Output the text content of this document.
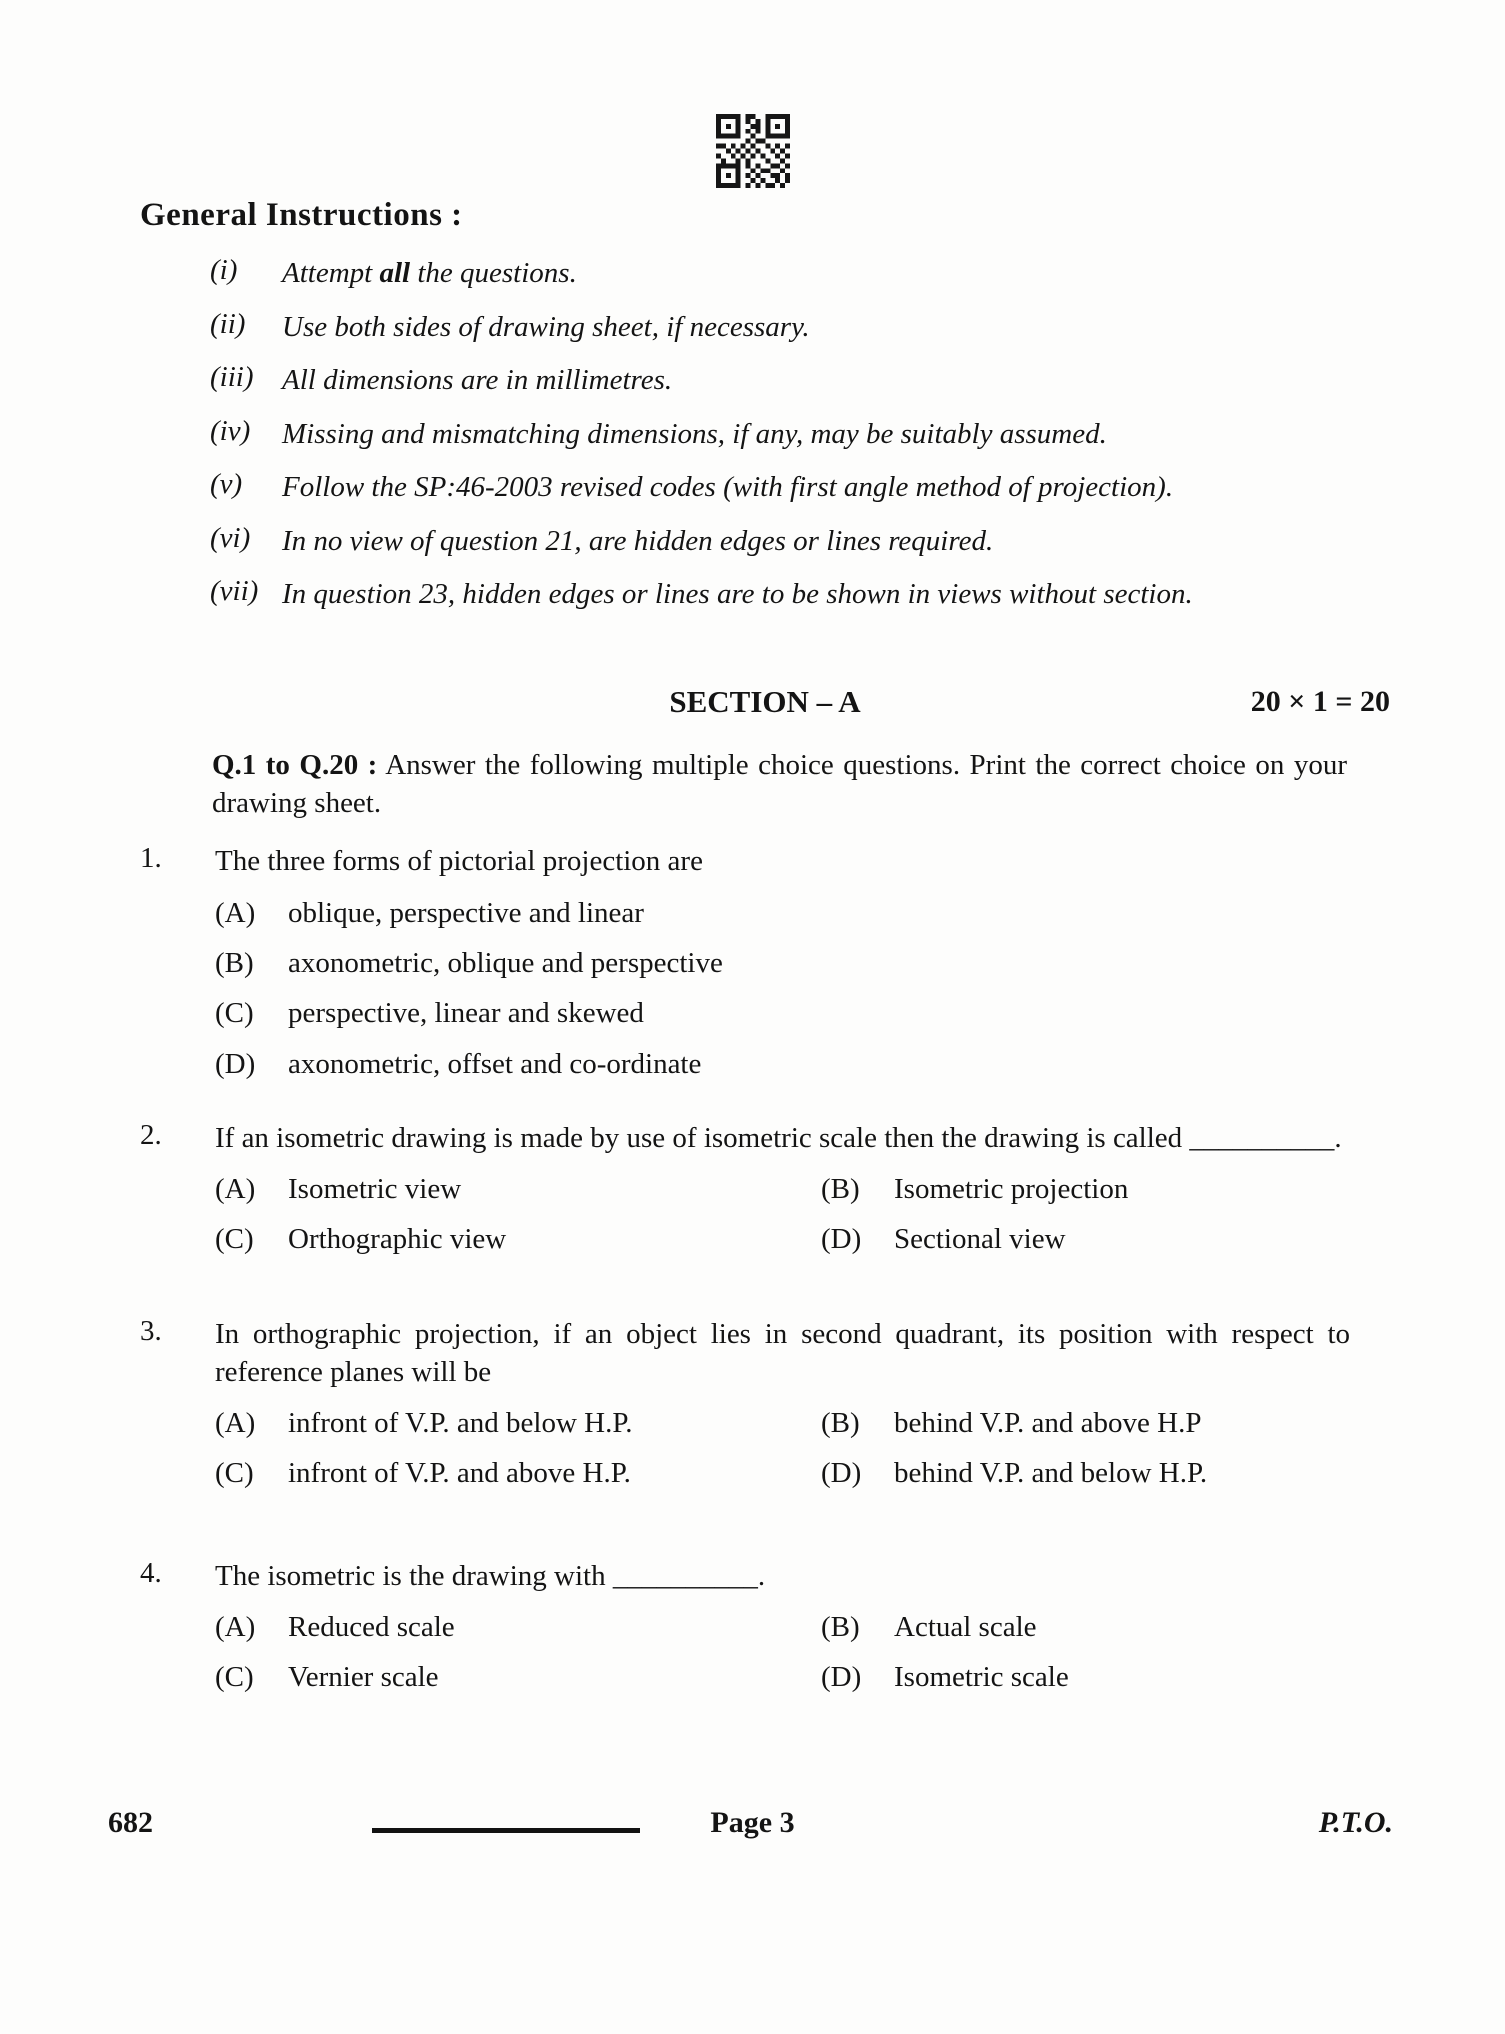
General Instructions :
(i)	Attempt all the questions.
(ii)	Use both sides of drawing sheet, if necessary.
(iii) All dimensions are in millimetres.
(iv)	Missing and mismatching dimensions, if any, may be suitably assumed.
(v)	Follow the SP:46-2003 revised codes (with first angle method of projection).
(vi)	In no view of question 21, are hidden edges or lines required.
(vii) In question 23, hidden edges or lines are to be shown in views without section.
SECTION – A	20 × 1 = 20

Q.1 to Q.20 : Answer the following multiple choice questions. Print the correct choice on your drawing sheet.

1.	The three forms of pictorial projection are
(A)	oblique, perspective and linear
(B)	axonometric, oblique and perspective
(C)	perspective, linear and skewed
(D)	axonometric, offset and co-ordinate
2.	If an isometric drawing is made by use of isometric scale then the drawing is called __________.
(A)	Isometric view	(B)	Isometric projection
(C)	Orthographic view	(D)	Sectional view
3.	In orthographic projection, if an object lies in second quadrant, its position with respect to reference planes will be
(A)	infront of V.P. and below H.P.	(B)	behind V.P. and above H.P
(C)	infront of V.P. and above H.P.	(D)	behind V.P. and below H.P.
4.	The isometric is the drawing with __________.
(A)	Reduced scale	(B)	Actual scale
(C)	Vernier scale	(D)	Isometric scale
682	Page 3	P.T.O.
